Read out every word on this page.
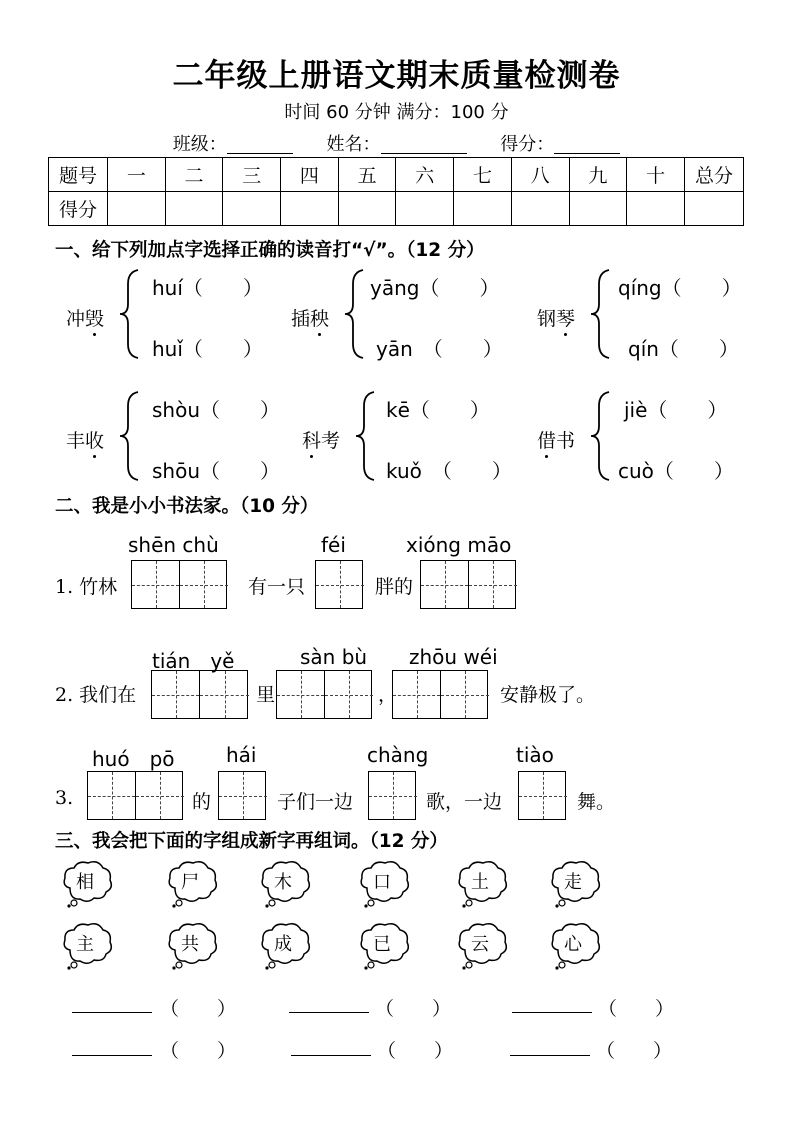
二年级上册语文期末质量检测卷
时间 60 分钟 满分：100 分
班级：	姓名：	得分：
题号	一	二	三	四	五	六	七	八	九	十	总分
得分											
一、给下列加点字选择正确的读音打“√”。（12 分）
冲毁
huí（　　）
huǐ（　　）
插秧
yāng（　　）
yān　（　　）
钢琴
qíng（　　）
qín（　　）
丰收
shòu（　　）
shōu（　　）
科考
kē（　　）
kuǒ　（　　）
借书
jiè（　　）
cuò（　　）
二、我是小小书法家。（10 分）
shēn chù	féi	xióng māo
1. 竹林	有一只	胖的
tián　yě	sàn bù zhōu wéi
2. 我们在	里	，	安静极了。
huó　pō	hái	chàng	tiào
3.	的	子们一边	歌，一边	舞。
三、我会把下面的字组成新字再组词。（12 分）
相	尸	木	口	土	走
主	共	成	已	云	心
（　　）	（　　）	（　　）
（　　）	（　　）	（　　）
